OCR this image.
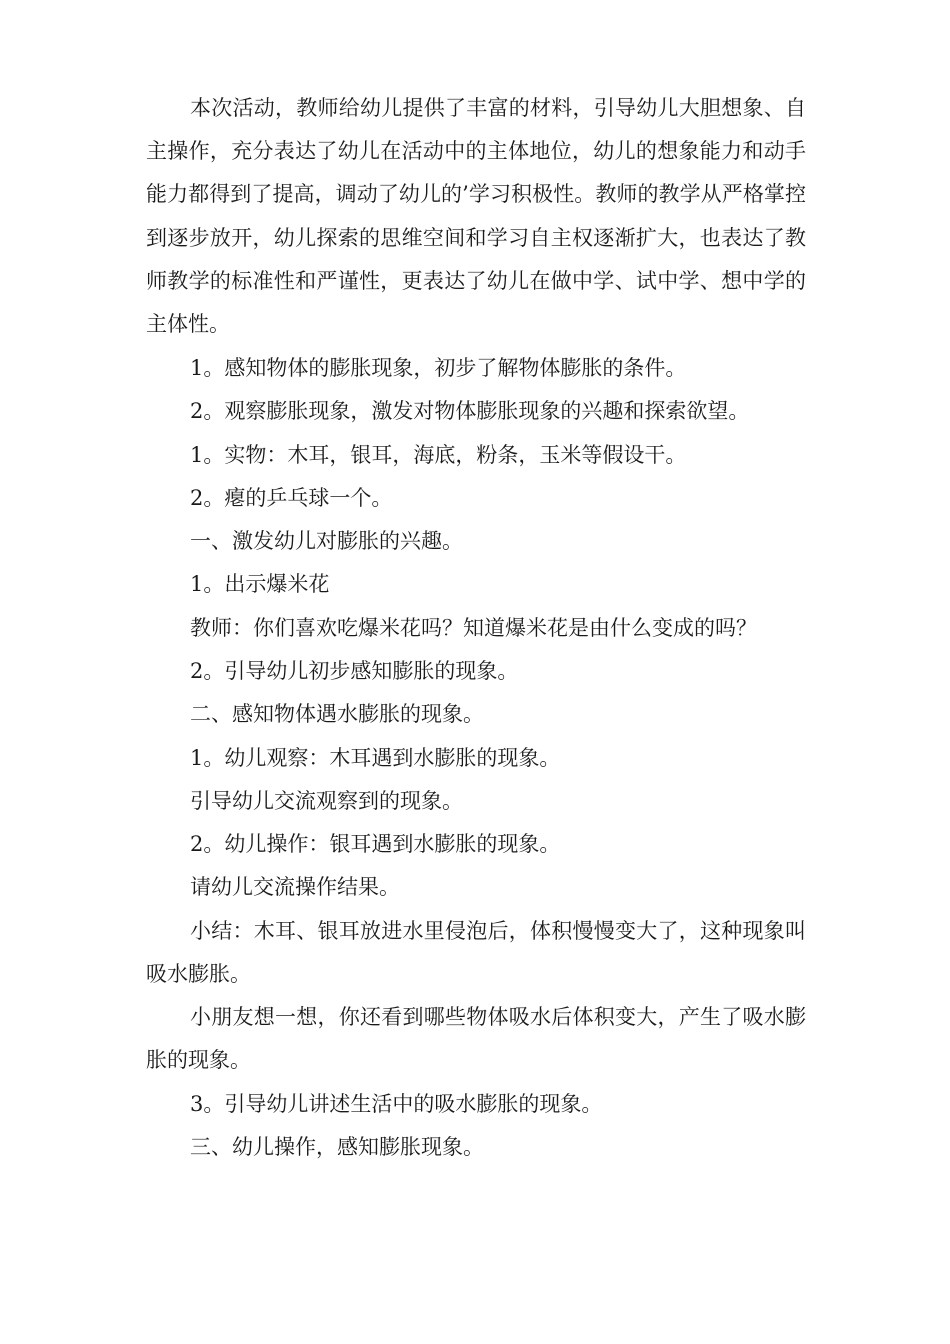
本次活动，教师给幼儿提供了丰富的材料，引导幼儿大胆想象、自主操作，充分表达了幼儿在活动中的主体地位，幼儿的想象能力和动手能力都得到了提高，调动了幼儿的’学习积极性。教师的教学从严格掌控到逐步放开，幼儿探索的思维空间和学习自主权逐渐扩大，也表达了教师教学的标准性和严谨性，更表达了幼儿在做中学、试中学、想中学的主体性。

1。感知物体的膨胀现象，初步了解物体膨胀的条件。

2。观察膨胀现象，激发对物体膨胀现象的兴趣和探索欲望。

1。实物：木耳，银耳，海底，粉条，玉米等假设干。

2。瘪的乒乓球一个。

一、激发幼儿对膨胀的兴趣。

1。出示爆米花

教师：你们喜欢吃爆米花吗？知道爆米花是由什么变成的吗？

2。引导幼儿初步感知膨胀的现象。

二、感知物体遇水膨胀的现象。

1。幼儿观察：木耳遇到水膨胀的现象。

引导幼儿交流观察到的现象。

2。幼儿操作：银耳遇到水膨胀的现象。

请幼儿交流操作结果。

小结：木耳、银耳放进水里侵泡后，体积慢慢变大了，这种现象叫吸水膨胀。

小朋友想一想，你还看到哪些物体吸水后体积变大，产生了吸水膨胀的现象。

3。引导幼儿讲述生活中的吸水膨胀的现象。

三、幼儿操作，感知膨胀现象。
